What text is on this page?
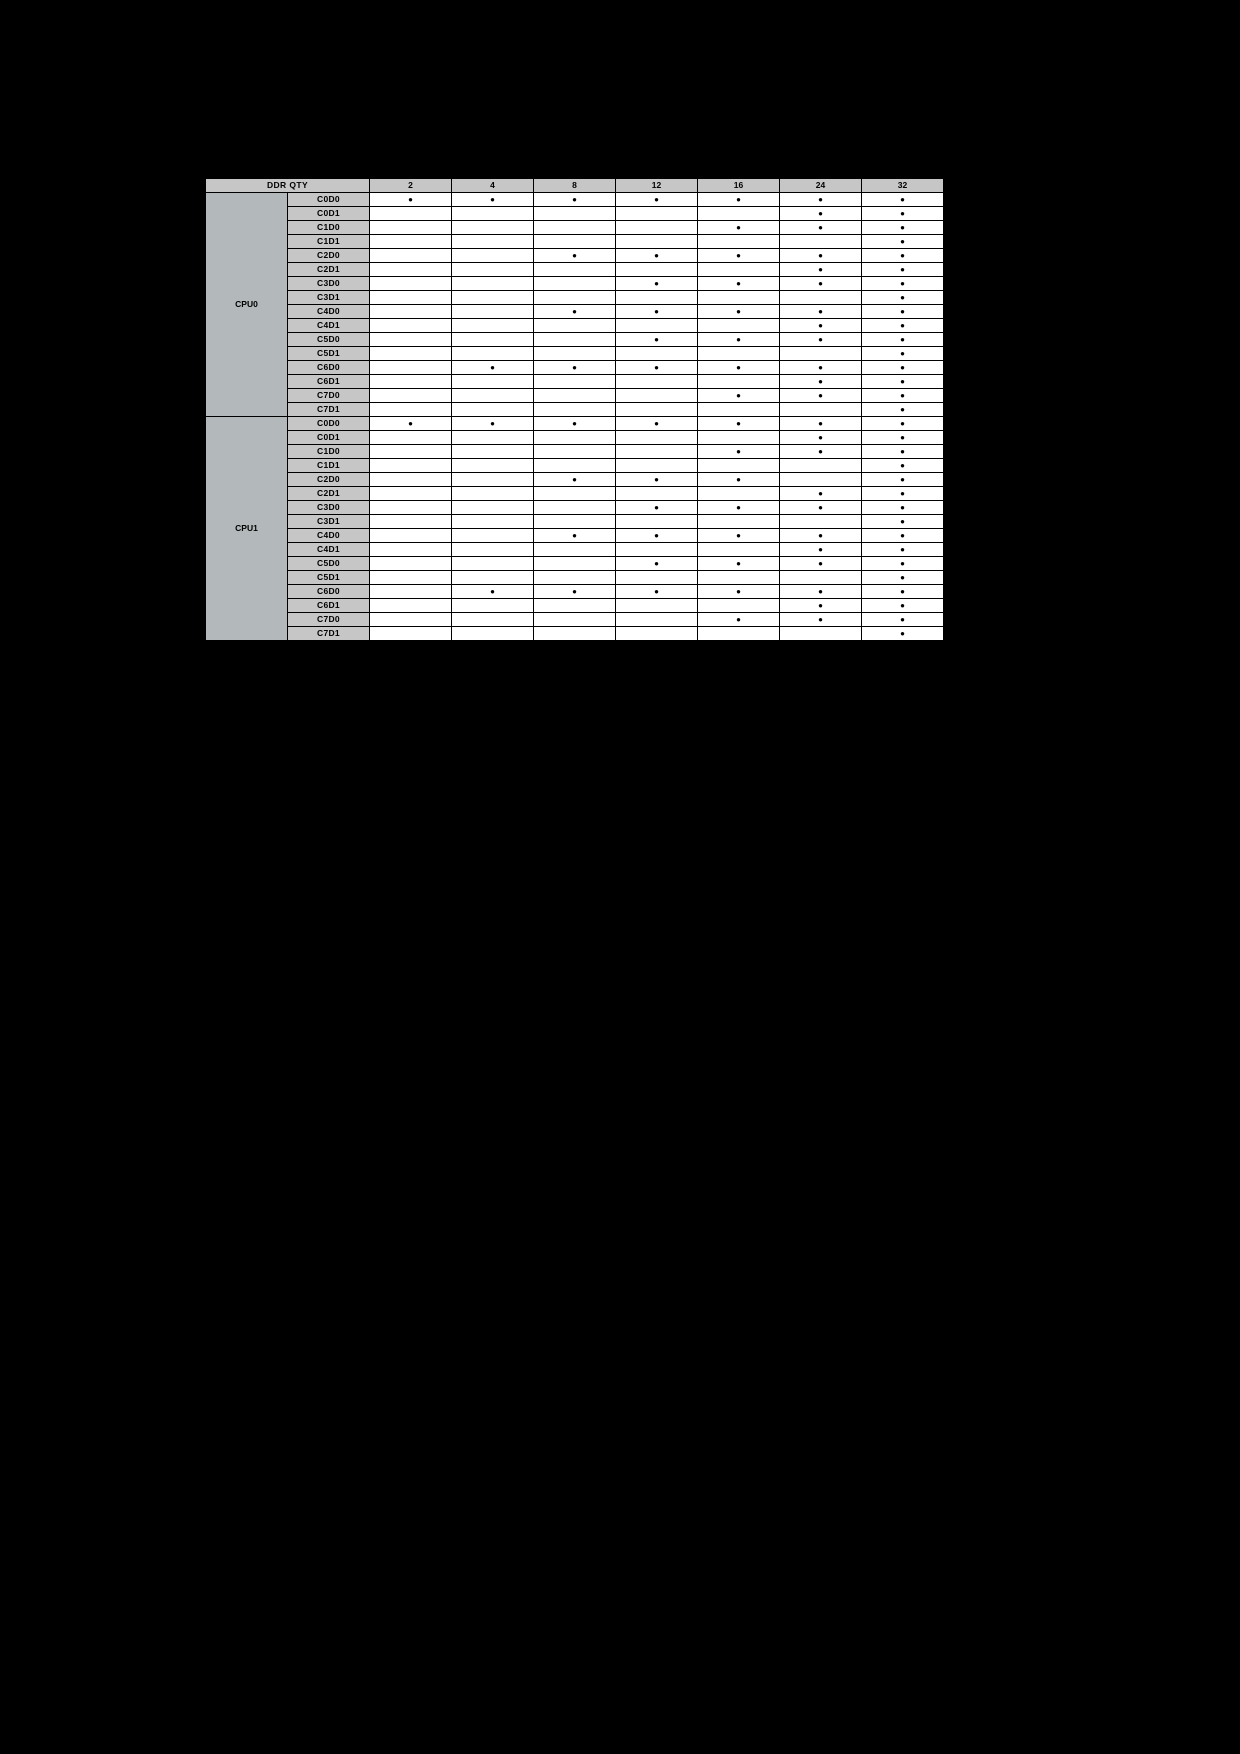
DDR QTY		2	4	8	12	16	24	32
CPU0	C0D0	●	●	●	●	●	●	●
	C0D1						●	●
	C1D0					●	●	●
	C1D1							●
	C2D0			●	●	●	●	●
	C2D1						●	●
	C3D0				●	●	●	●
	C3D1							●
	C4D0			●	●	●	●	●
	C4D1						●	●
	C5D0				●	●	●	●
	C5D1							●
	C6D0		●	●	●	●	●	●
	C6D1						●	●
	C7D0					●	●	●
	C7D1							●
CPU1	C0D0	●	●	●	●	●	●	●
	C0D1						●	●
	C1D0					●	●	●
	C1D1							●
	C2D0			●	●	●		●
	C2D1						●	●
	C3D0				●	●	●	●
	C3D1							●
	C4D0			●	●	●	●	●
	C4D1						●	●
	C5D0				●	●	●	●
	C5D1							●
	C6D0		●	●	●	●	●	●
	C6D1						●	●
	C7D0					●	●	●
	C7D1							●
